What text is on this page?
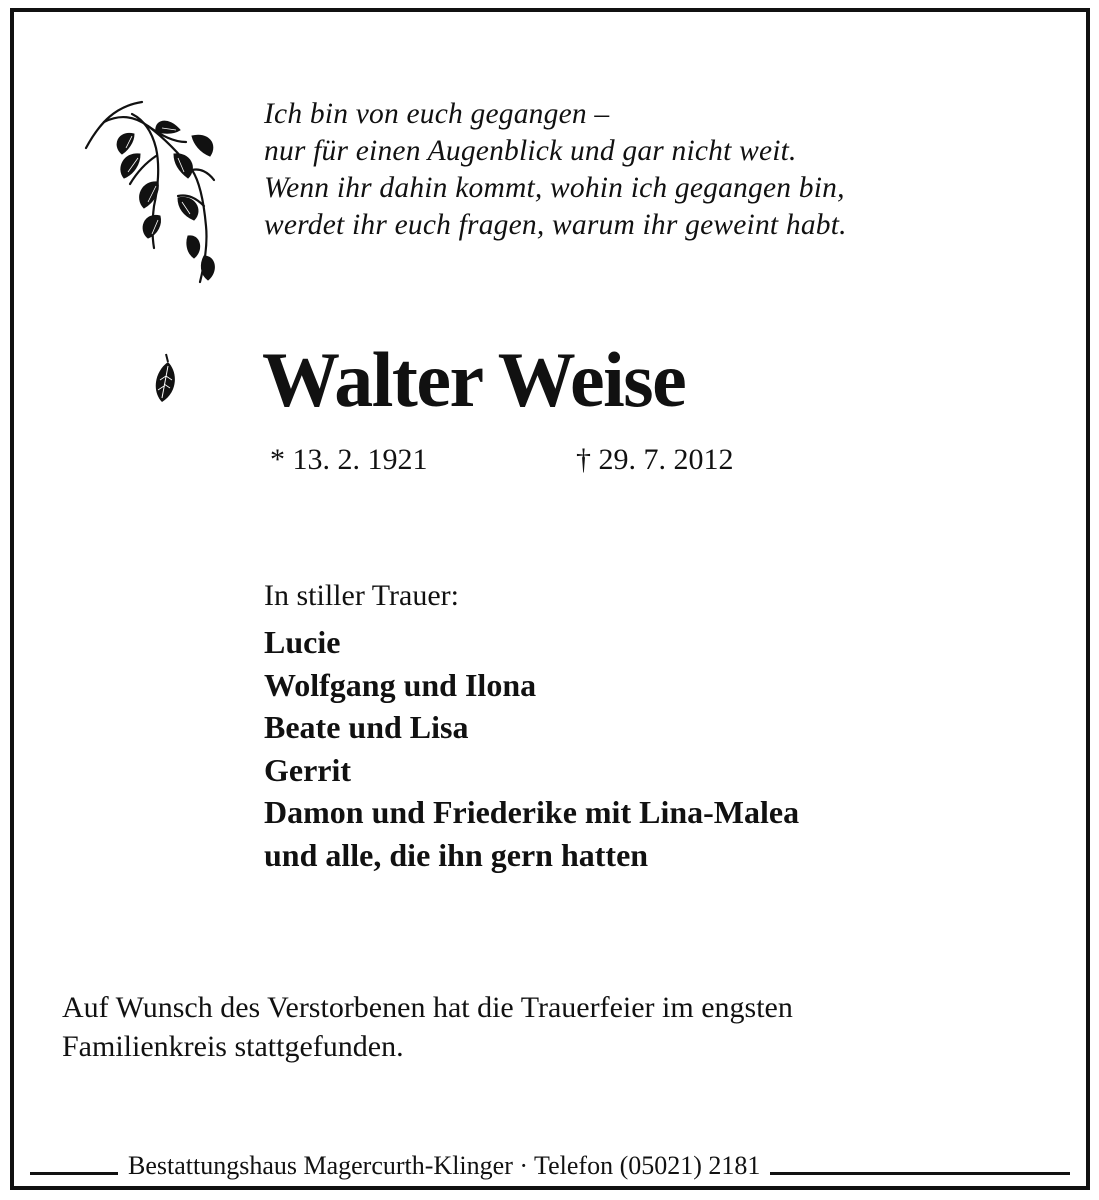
Ich bin von euch gegangen –
nur für einen Augenblick und gar nicht weit.
Wenn ihr dahin kommt, wohin ich gegangen bin,
werdet ihr euch fragen, warum ihr geweint habt.
Walter Weise
* 13. 2. 1921	† 29. 7. 2012
In stiller Trauer:
Lucie
Wolfgang und Ilona
Beate und Lisa
Gerrit
Damon und Friederike mit Lina-Malea
und alle, die ihn gern hatten
Auf Wunsch des Verstorbenen hat die Trauerfeier im engsten
Familienkreis stattgefunden.
Bestattungshaus Magercurth-Klinger · Telefon (05021) 2181
